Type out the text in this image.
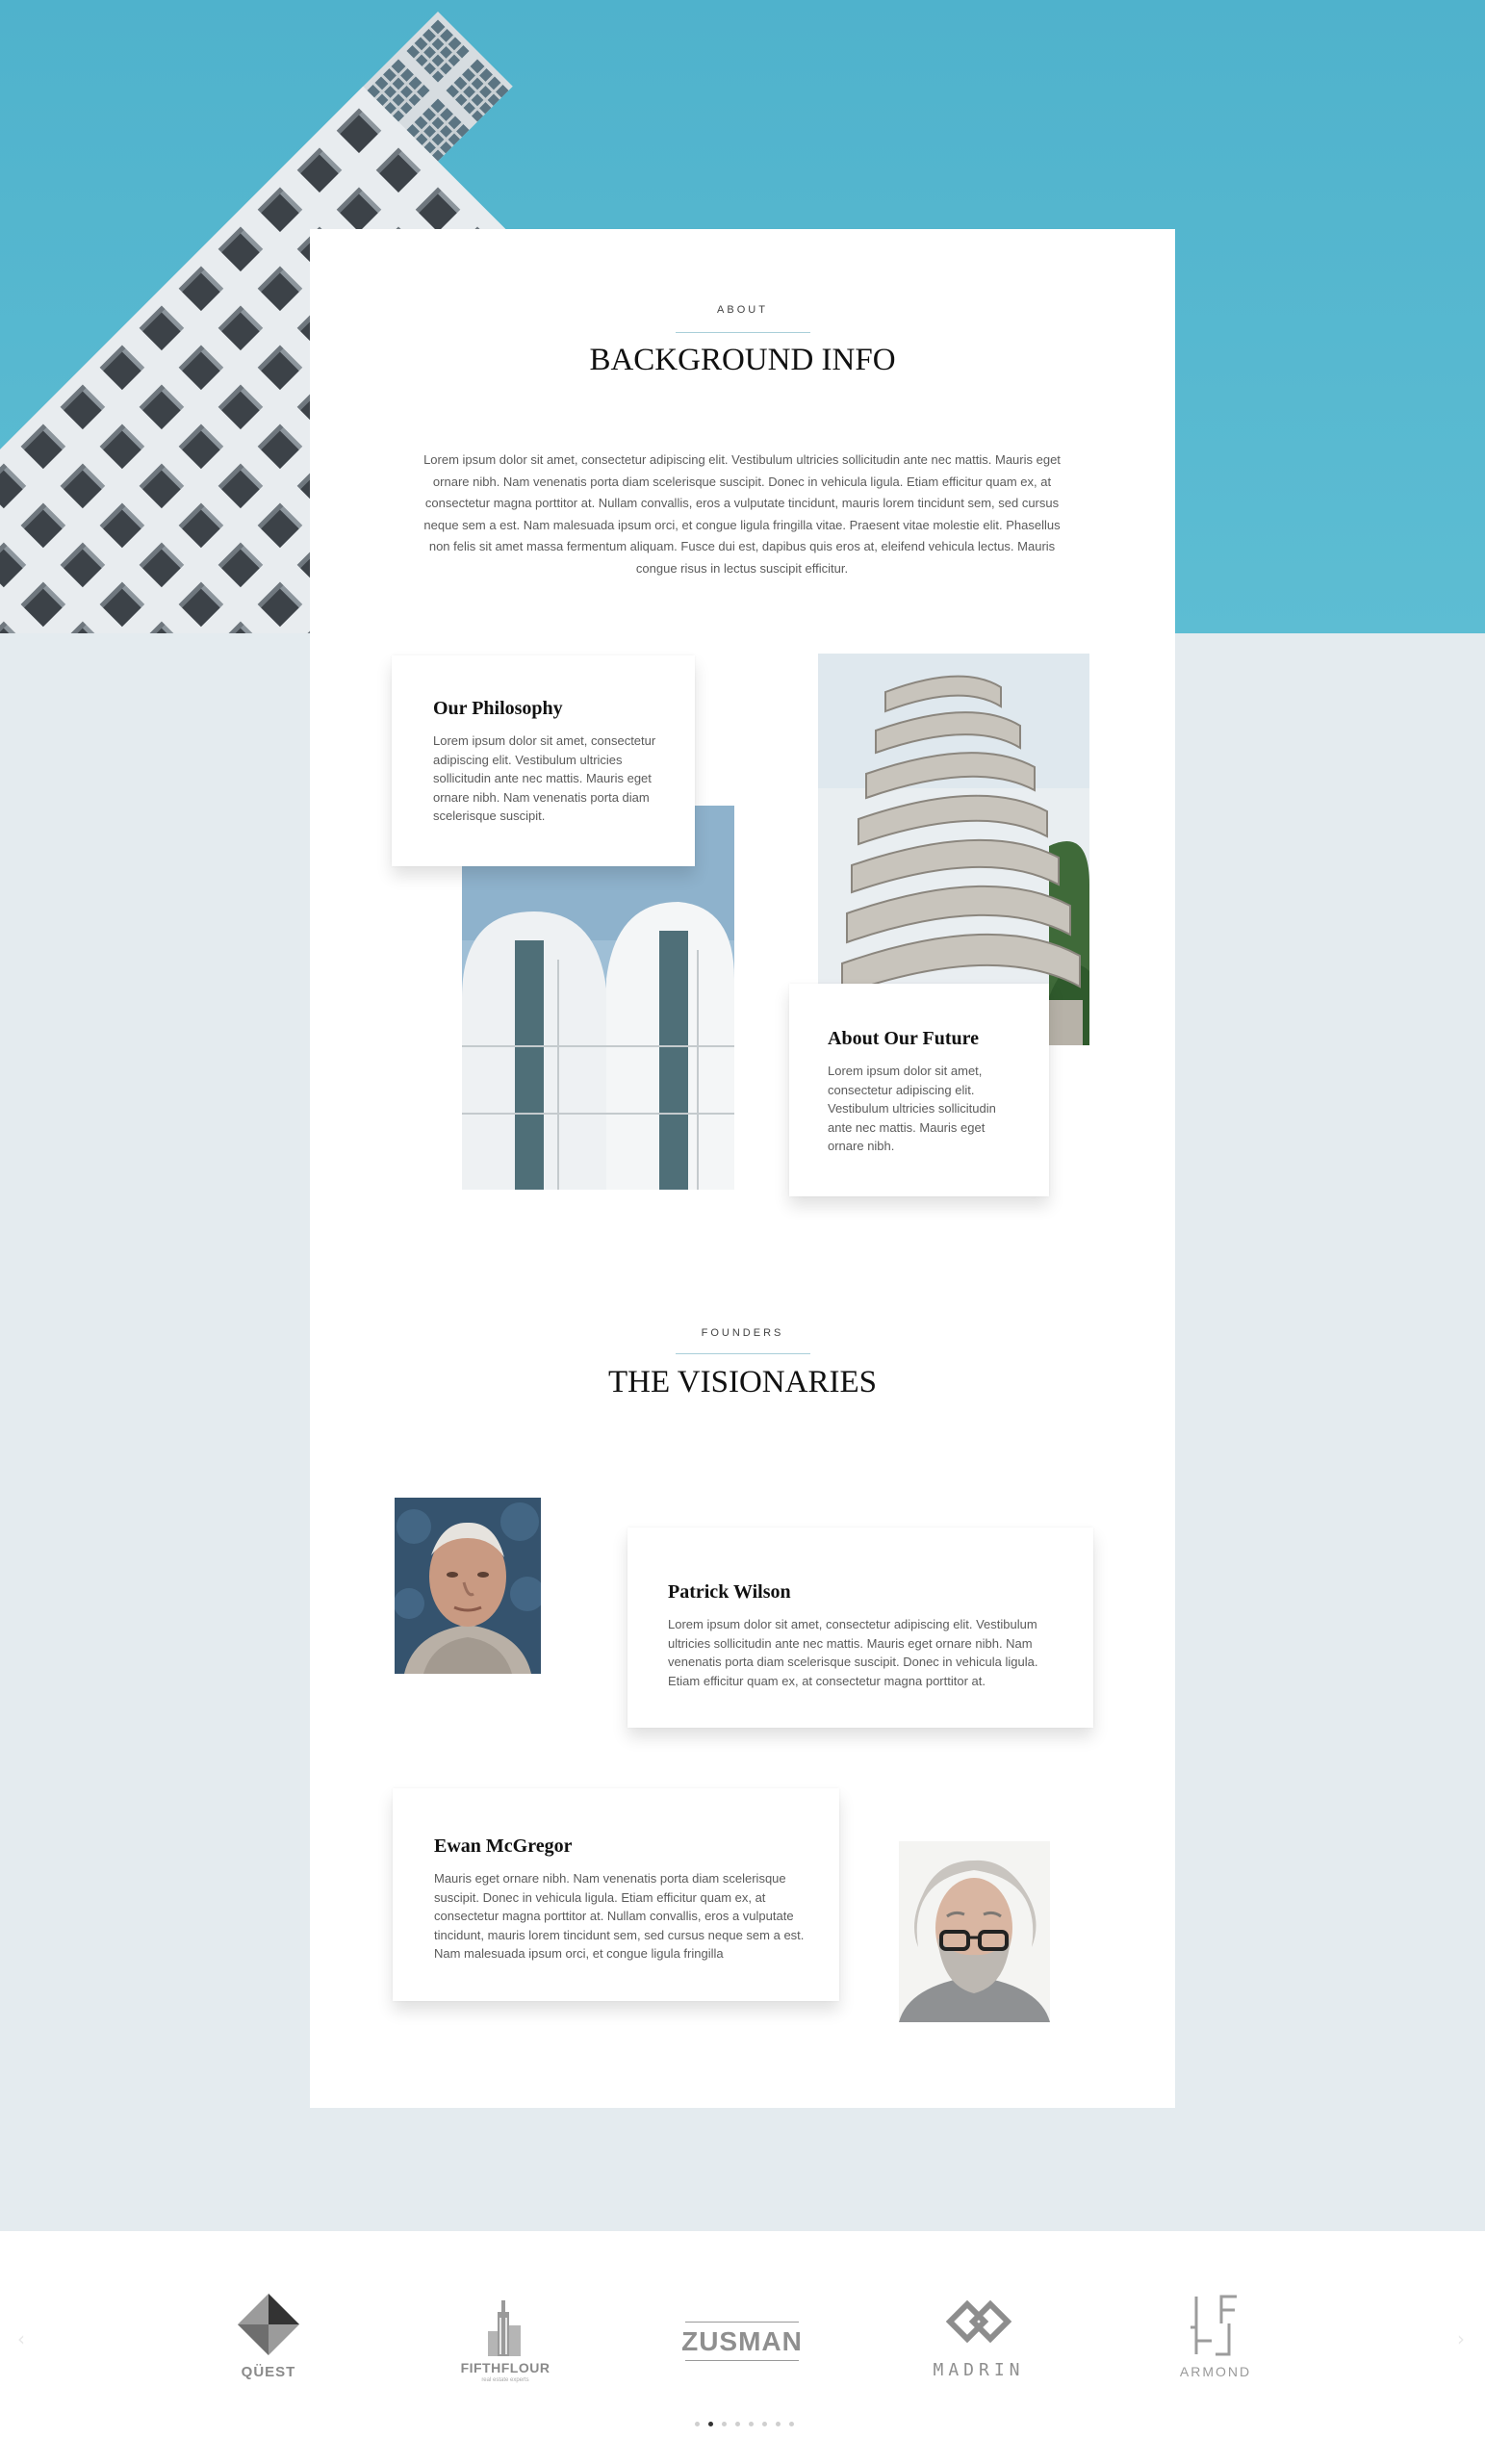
ABOUT
BACKGROUND INFO

Lorem ipsum dolor sit amet, consectetur adipiscing elit. Vestibulum ultricies sollicitudin ante nec mattis. Mauris eget ornare nibh. Nam venenatis porta diam scelerisque suscipit. Donec in vehicula ligula. Etiam efficitur quam ex, at consectetur magna porttitor at. Nullam convallis, eros a vulputate tincidunt, mauris lorem tincidunt sem, sed cursus neque sem a est. Nam malesuada ipsum orci, et congue ligula fringilla vitae. Praesent vitae molestie elit. Phasellus non felis sit amet massa fermentum aliquam. Fusce dui est, dapibus quis eros at, eleifend vehicula lectus. Mauris congue risus in lectus suscipit efficitur.

Our Philosophy

Lorem ipsum dolor sit amet, consectetur adipiscing elit. Vestibulum ultricies sollicitudin ante nec mattis. Mauris eget ornare nibh. Nam venenatis porta diam scelerisque suscipit.

About Our Future

Lorem ipsum dolor sit amet, consectetur adipiscing elit. Vestibulum ultricies sollicitudin ante nec mattis. Mauris eget ornare nibh.

FOUNDERS
THE VISIONARIES
Patrick Wilson

Lorem ipsum dolor sit amet, consectetur adipiscing elit. Vestibulum ultricies sollicitudin ante nec mattis. Mauris eget ornare nibh. Nam venenatis porta diam scelerisque suscipit. Donec in vehicula ligula. Etiam efficitur quam ex, at consectetur magna porttitor at.

Ewan McGregor

Mauris eget ornare nibh. Nam venenatis porta diam scelerisque suscipit. Donec in vehicula ligula. Etiam efficitur quam ex, at consectetur magna porttitor at. Nullam convallis, eros a vulputate tincidunt, mauris lorem tincidunt sem, sed cursus neque sem a est. Nam malesuada ipsum orci, et congue ligula fringilla

‹	›
QÜEST	FIFTHFLOUR
real estate experts
ZUSMAN
MADRIN	ARMOND
